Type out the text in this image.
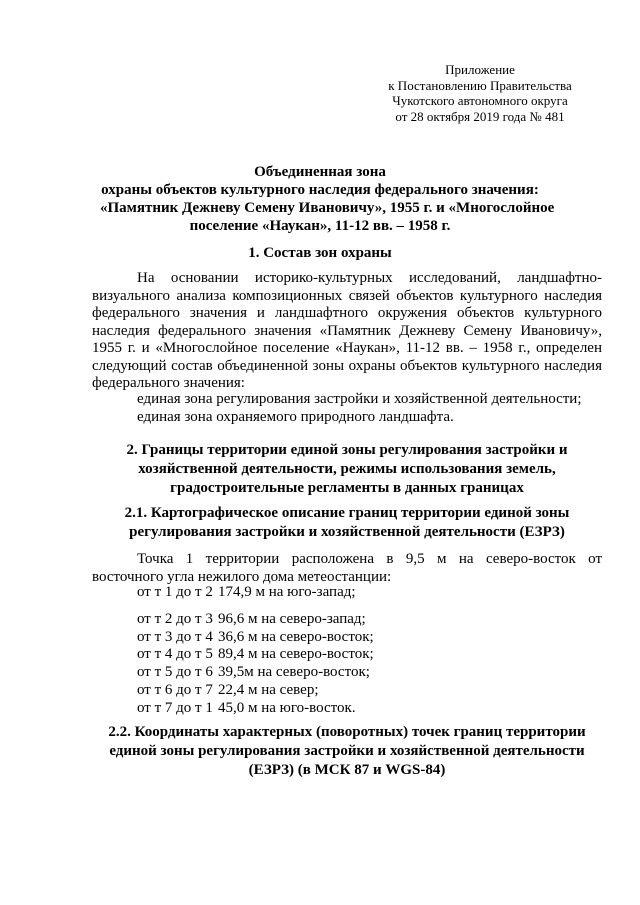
Приложение
к Постановлению Правительства
Чукотского автономного округа
от 28 октября 2019 года № 481
Объединенная зона
охраны объектов культурного наследия федерального значения:
«Памятник Дежневу Семену Ивановичу», 1955 г. и «Многослойное
поселение «Наукан», 11-12 вв. – 1958 г.
1. Состав зон охраны
На основании историко-культурных исследований, ландшафтно-
визуального анализа композиционных связей объектов культурного наследия
федерального значения и ландшафтного окружения объектов культурного
наследия федерального значения «Памятник Дежневу Семену Ивановичу»,
1955 г. и «Многослойное поселение «Наукан», 11-12 вв. – 1958 г., определен
следующий состав объединенной зоны охраны объектов культурного наследия
федерального значения:
единая зона регулирования застройки и хозяйственной деятельности;
единая зона охраняемого природного ландшафта.
2. Границы территории единой зоны регулирования застройки и
хозяйственной деятельности, режимы использования земель,
градостроительные регламенты в данных границах
2.1. Картографическое описание границ территории единой зоны
регулирования застройки и хозяйственной деятельности (ЕЗРЗ)
Точка 1 территории расположена в 9,5 м на северо-восток от
восточного угла нежилого дома метеостанции:
от т 1 до т 2 174,9 м на юго-запад;
от т 2 до т 3 96,6 м на северо-запад;
от т 3 до т 4 36,6 м на северо-восток;
от т 4 до т 5 89,4 м на северо-восток;
от т 5 до т 6 39,5м на северо-восток;
от т 6 до т 7 22,4 м на север;
от т 7 до т 1 45,0 м на юго-восток.
2.2. Координаты характерных (поворотных) точек границ территории
единой зоны регулирования застройки и хозяйственной деятельности
(ЕЗРЗ) (в МСК 87 и WGS-84)
